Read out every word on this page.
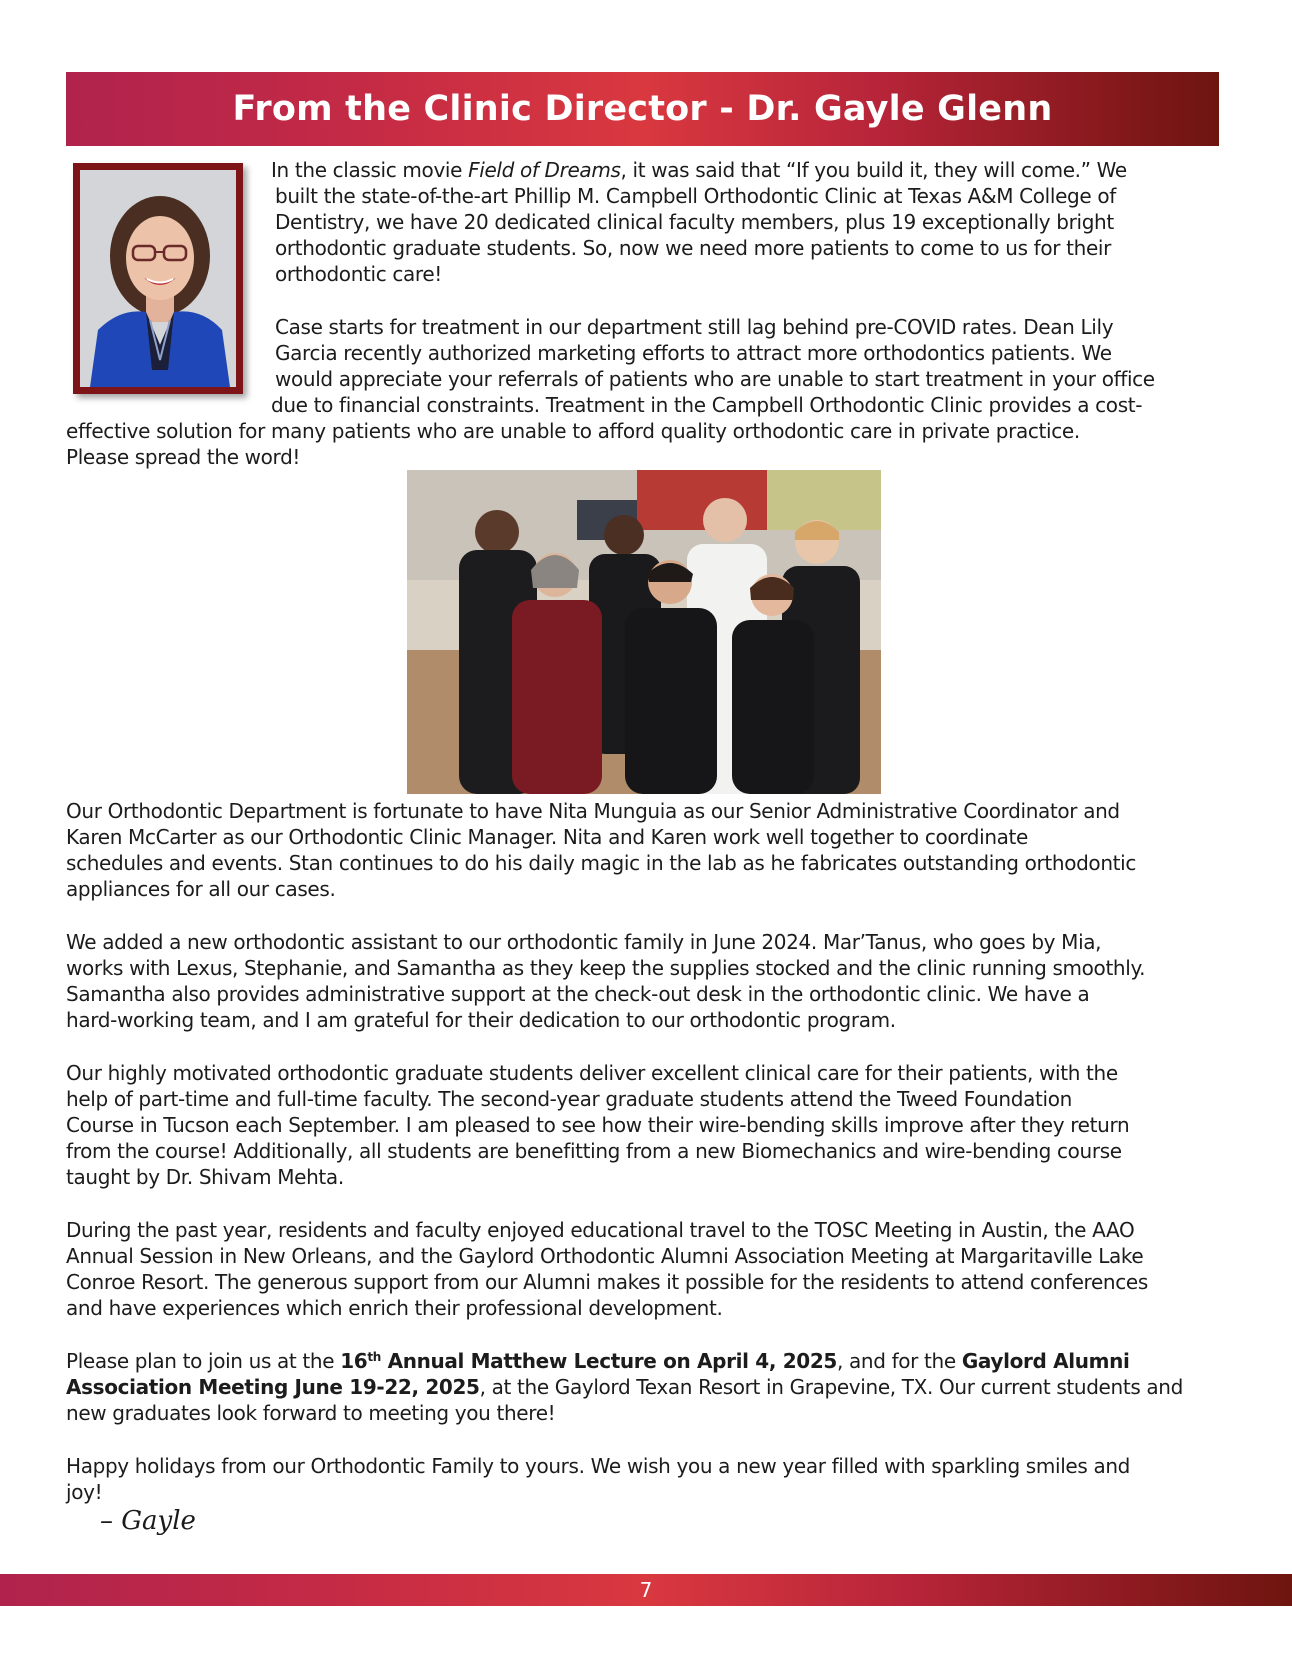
From the Clinic Director - Dr. Gayle Glenn
In the classic movie Field of Dreams, it was said that “If you build it, they will come.” We
built the state-of-the-art Phillip M. Campbell Orthodontic Clinic at Texas A&M College of
Dentistry, we have 20 dedicated clinical faculty members, plus 19 exceptionally bright
orthodontic graduate students. So, now we need more patients to come to us for their
orthodontic care!
Case starts for treatment in our department still lag behind pre-COVID rates. Dean Lily
Garcia recently authorized marketing efforts to attract more orthodontics patients. We
would appreciate your referrals of patients who are unable to start treatment in your office
due to financial constraints. Treatment in the Campbell Orthodontic Clinic provides a cost-
effective solution for many patients who are unable to afford quality orthodontic care in private practice.
Please spread the word!
Our Orthodontic Department is fortunate to have Nita Munguia as our Senior Administrative Coordinator and
Karen McCarter as our Orthodontic Clinic Manager. Nita and Karen work well together to coordinate
schedules and events. Stan continues to do his daily magic in the lab as he fabricates outstanding orthodontic
appliances for all our cases.
We added a new orthodontic assistant to our orthodontic family in June 2024. Mar’Tanus, who goes by Mia,
works with Lexus, Stephanie, and Samantha as they keep the supplies stocked and the clinic running smoothly.
Samantha also provides administrative support at the check-out desk in the orthodontic clinic. We have a
hard-working team, and I am grateful for their dedication to our orthodontic program.
Our highly motivated orthodontic graduate students deliver excellent clinical care for their patients, with the
help of part-time and full-time faculty. The second-year graduate students attend the Tweed Foundation
Course in Tucson each September. I am pleased to see how their wire-bending skills improve after they return
from the course! Additionally, all students are benefitting from a new Biomechanics and wire-bending course
taught by Dr. Shivam Mehta.
During the past year, residents and faculty enjoyed educational travel to the TOSC Meeting in Austin, the AAO
Annual Session in New Orleans, and the Gaylord Orthodontic Alumni Association Meeting at Margaritaville Lake
Conroe Resort. The generous support from our Alumni makes it possible for the residents to attend conferences
and have experiences which enrich their professional development.
Please plan to join us at the 16th Annual Matthew Lecture on April 4, 2025, and for the Gaylord Alumni
Association Meeting June 19-22, 2025, at the Gaylord Texan Resort in Grapevine, TX. Our current students and
new graduates look forward to meeting you there!
Happy holidays from our Orthodontic Family to yours. We wish you a new year filled with sparkling smiles and
joy!
– Gayle
7
